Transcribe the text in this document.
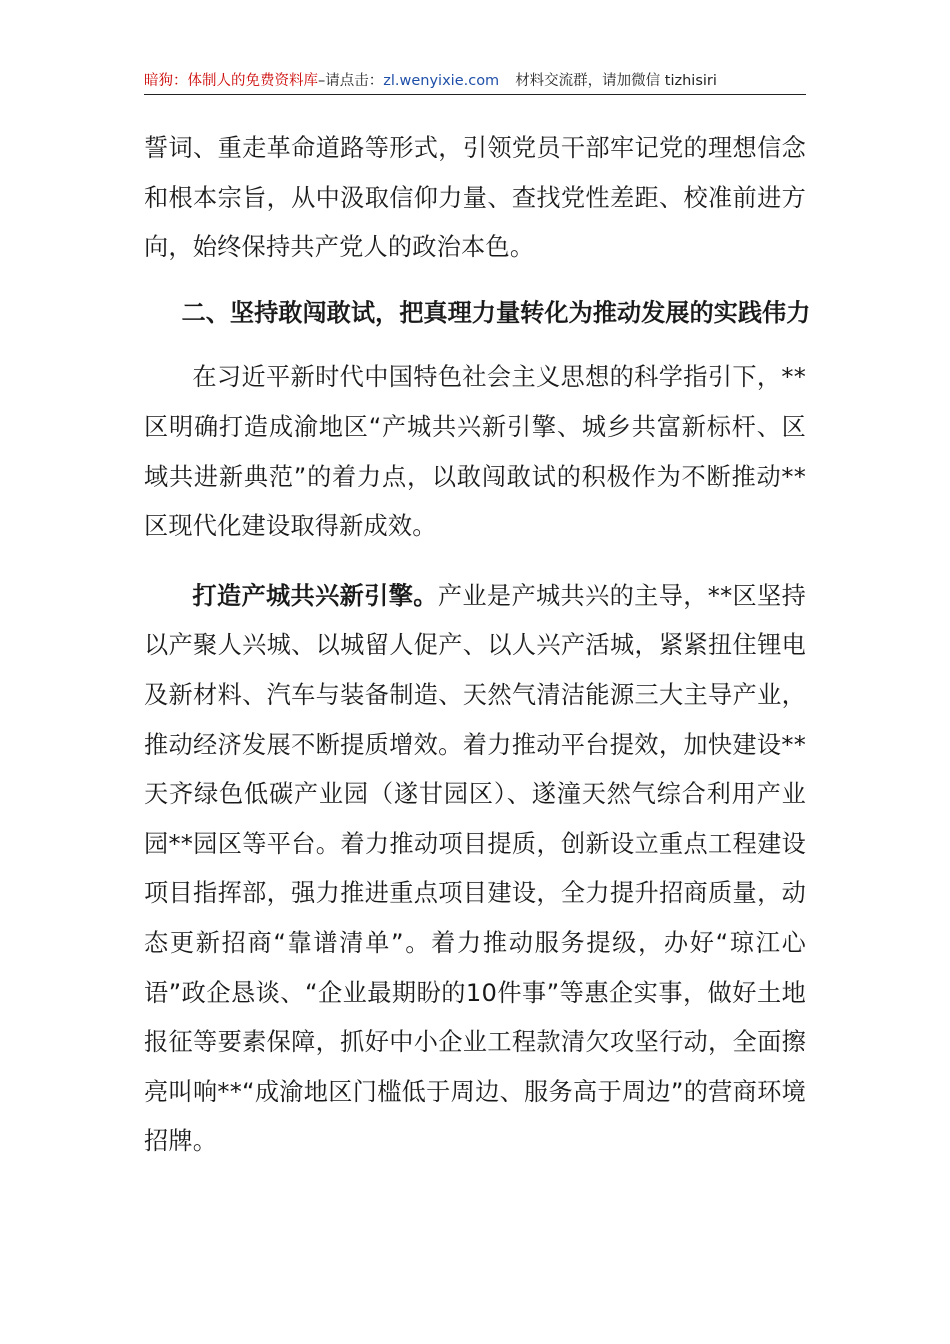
暗狗：体制人的免费资料库–请点击：zl.wenyixie.com 材料交流群，请加微信 tizhisiri

誓词、重走革命道路等形式，引领党员干部牢记党的理想信念和根本宗旨，从中汲取信仰力量、查找党性差距、校准前进方向，始终保持共产党人的政治本色。

二、坚持敢闯敢试，把真理力量转化为推动发展的实践伟力

在习近平新时代中国特色社会主义思想的科学指引下，**区明确打造成渝地区“产城共兴新引擎、城乡共富新标杆、区域共进新典范”的着力点，以敢闯敢试的积极作为不断推动**区现代化建设取得新成效。

打造产城共兴新引擎。产业是产城共兴的主导，**区坚持以产聚人兴城、以城留人促产、以人兴产活城，紧紧扭住锂电及新材料、汽车与装备制造、天然气清洁能源三大主导产业，推动经济发展不断提质增效。着力推动平台提效，加快建设**天齐绿色低碳产业园（遂甘园区）、遂潼天然气综合利用产业园**园区等平台。着力推动项目提质，创新设立重点工程建设项目指挥部，强力推进重点项目建设，全力提升招商质量，动态更新招商“靠谱清单”。着力推动服务提级，办好“琼江心语”政企恳谈、“企业最期盼的10件事”等惠企实事，做好土地报征等要素保障，抓好中小企业工程款清欠攻坚行动，全面擦亮叫响**“成渝地区门槛低于周边、服务高于周边”的营商环境招牌。
